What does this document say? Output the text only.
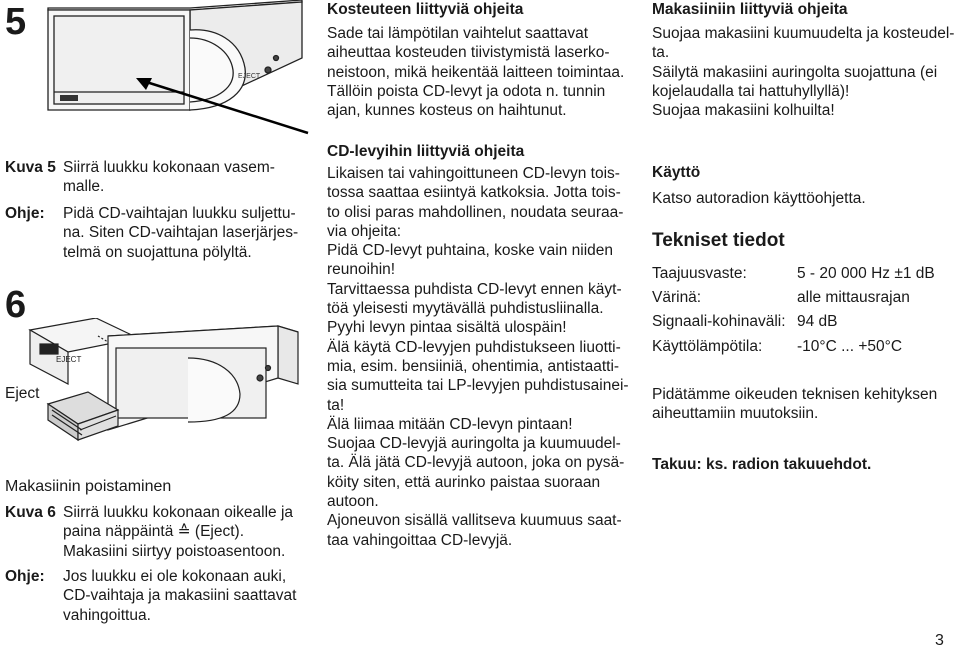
5
EJECT
Kuva 5 Siirrä luukku kokonaan vasem-
malle.
Ohje: Pidä CD-vaihtajan luukku suljettu-
na. Siten CD-vaihtajan laserjärjes-
telmä on suojattuna pölyltä.
6
Eject
EJECT
Makasiinin poistaminen
Kuva 6 Siirrä luukku kokonaan oikealle ja
paina näppäintä ≙ (Eject).
Makasiini siirtyy poistoasentoon.
Ohje: Jos luukku ei ole kokonaan auki,
CD-vaihtaja ja makasiini saattavat
vahingoittua.
Kosteuteen liittyviä ohjeita
Sade tai lämpötilan vaihtelut saattavat
aiheuttaa kosteuden tiivistymistä laserko-
neistoon, mikä heikentää laitteen toimintaa.
Tällöin poista CD-levyt ja odota n. tunnin
ajan, kunnes kosteus on haihtunut.
CD-levyihin liittyviä ohjeita
Likaisen tai vahingoittuneen CD-levyn tois-
tossa saattaa esiintyä katkoksia. Jotta tois-
to olisi paras mahdollinen, noudata seuraa-
via ohjeita:
Pidä CD-levyt puhtaina, koske vain niiden
reunoihin!
Tarvittaessa puhdista CD-levyt ennen käyt-
töä yleisesti myytävällä puhdistusliinalla.
Pyyhi levyn pintaa sisältä ulospäin!
Älä käytä CD-levyjen puhdistukseen liuotti-
mia, esim. bensiiniä, ohentimia, antistaatti-
sia sumutteita tai LP-levyjen puhdistusainei-
ta!
Älä liimaa mitään CD-levyn pintaan!
Suojaa CD-levyjä auringolta ja kuumuudel-
ta. Älä jätä CD-levyjä autoon, joka on pysä-
köity siten, että aurinko paistaa suoraan
autoon.
Ajoneuvon sisällä vallitseva kuumuus saat-
taa vahingoittaa CD-levyjä.
Makasiiniin liittyviä ohjeita
Suojaa makasiini kuumuudelta ja kosteudel-
ta.
Säilytä makasiini auringolta suojattuna (ei
kojelaudalla tai hattuhyllyllä)!
Suojaa makasiini kolhuilta!
Käyttö
Katso autoradion käyttöohjetta.
Tekniset tiedot
Taajuusvaste:	5 - 20 000 Hz ±1 dB
Värinä:	alle mittausrajan
Signaali-kohinaväli: 94 dB
Käyttölämpötila: -10°C ... +50°C
Pidätämme oikeuden teknisen kehityksen
aiheuttamiin muutoksiin.
Takuu: ks. radion takuuehdot.
3
